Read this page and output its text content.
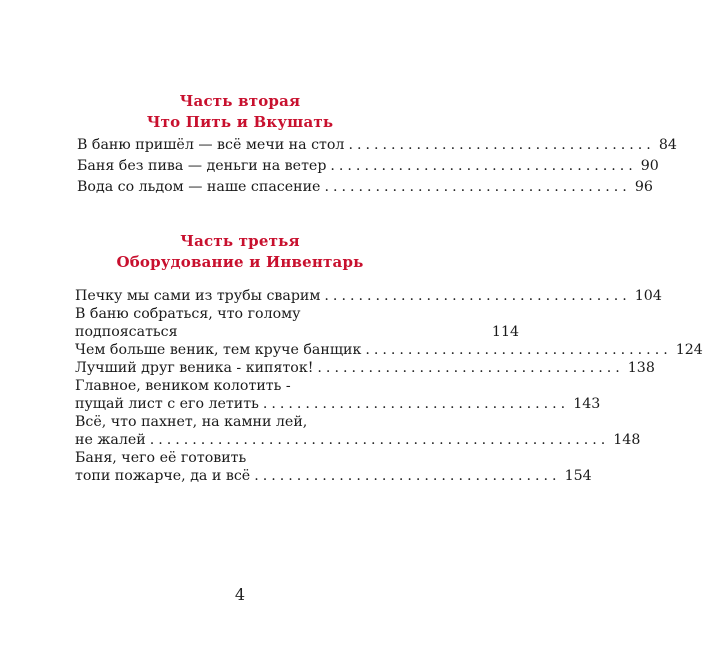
Часть вторая
Что Пить и Вкушать
В баню пришёл — всё мечи на стол .................................... 84
Баня без пива — деньги на ветер .................................... 90
Вода со льдом — наше спасение .................................... 96
Часть третья
Оборудование и Инвентарь
Печку мы сами из трубы сварим .................................... 104
В баню собраться, что голому
подпоясаться	114
Чем больше веник, тем круче банщик .................................... 124
Лучший друг веника - кипяток! .................................... 138
Главное, веником колотить -
пущай лист с его летить .................................... 143
Всё, что пахнет, на камни лей,
не жалей ...................................................... 148
Баня, чего её готовить
топи пожарче, да и всё .................................... 154
4
